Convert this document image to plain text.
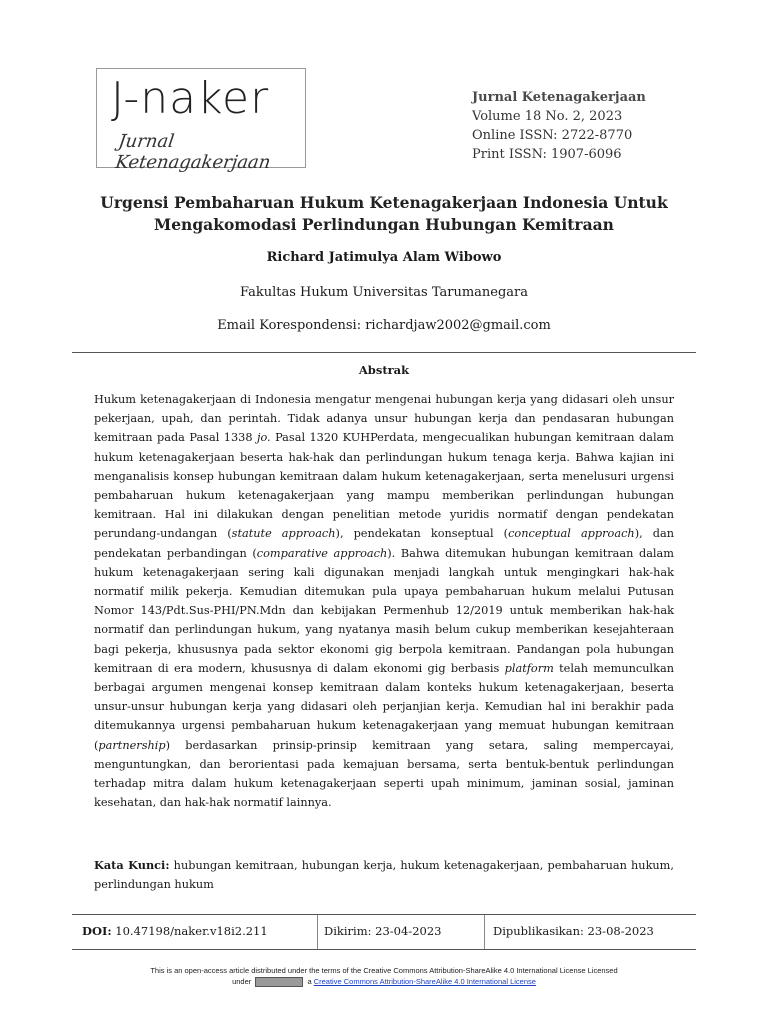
J-naker
Jurnal Ketenagakerjaan
Jurnal Ketenagakerjaan
Volume 18 No. 2, 2023
Online ISSN: 2722-8770
Print ISSN: 1907-6096
Urgensi Pembaharuan Hukum Ketenagakerjaan Indonesia Untuk
Mengakomodasi Perlindungan Hubungan Kemitraan
Richard Jatimulya Alam Wibowo
Fakultas Hukum Universitas Tarumanegara
Email Korespondensi: richardjaw2002@gmail.com
Abstrak
Hukum ketenagakerjaan di Indonesia mengatur mengenai hubungan kerja yang didasari oleh unsur pekerjaan, upah, dan perintah. Tidak adanya unsur hubungan kerja dan pendasaran hubungan kemitraan pada Pasal 1338 jo. Pasal 1320 KUHPerdata, mengecualikan hubungan kemitraan dalam hukum ketenagakerjaan beserta hak-hak dan perlindungan hukum tenaga kerja. Bahwa kajian ini menganalisis konsep hubungan kemitraan dalam hukum ketenagakerjaan, serta menelusuri urgensi pembaharuan hukum ketenagakerjaan yang mampu memberikan perlindungan hubungan kemitraan. Hal ini dilakukan dengan penelitian metode yuridis normatif dengan pendekatan perundang-undangan (statute approach), pendekatan konseptual (conceptual approach), dan pendekatan perbandingan (comparative approach). Bahwa ditemukan hubungan kemitraan dalam hukum ketenagakerjaan sering kali digunakan menjadi langkah untuk mengingkari hak-hak normatif milik pekerja. Kemudian ditemukan pula upaya pembaharuan hukum melalui Putusan Nomor 143/Pdt.Sus-PHI/PN.Mdn dan kebijakan Permenhub 12/2019 untuk memberikan hak-hak normatif dan perlindungan hukum, yang nyatanya masih belum cukup memberikan kesejahteraan bagi pekerja, khususnya pada sektor ekonomi gig berpola kemitraan. Pandangan pola hubungan kemitraan di era modern, khususnya di dalam ekonomi gig berbasis platform telah memunculkan berbagai argumen mengenai konsep kemitraan dalam konteks hukum ketenagakerjaan, beserta unsur-unsur hubungan kerja yang didasari oleh perjanjian kerja. Kemudian hal ini berakhir pada ditemukannya urgensi pembaharuan hukum ketenagakerjaan yang memuat hubungan kemitraan (partnership) berdasarkan prinsip-prinsip kemitraan yang setara, saling mempercayai, menguntungkan, dan berorientasi pada kemajuan bersama, serta bentuk-bentuk perlindungan terhadap mitra dalam hukum ketenagakerjaan seperti upah minimum, jaminan sosial, jaminan kesehatan, dan hak-hak normatif lainnya.
Kata Kunci: hubungan kemitraan, hubungan kerja, hukum ketenagakerjaan, pembaharuan hukum, perlindungan hukum
DOI: 10.47198/naker.v18i2.211	Dikirim: 23-04-2023	Dipublikasikan: 23-08-2023
This is an open-access article distributed under the terms of the Creative Commons Attribution-ShareAlike 4.0 International License Licensed
under	a Creative Commons Attribution-ShareAlike 4.0 International License
